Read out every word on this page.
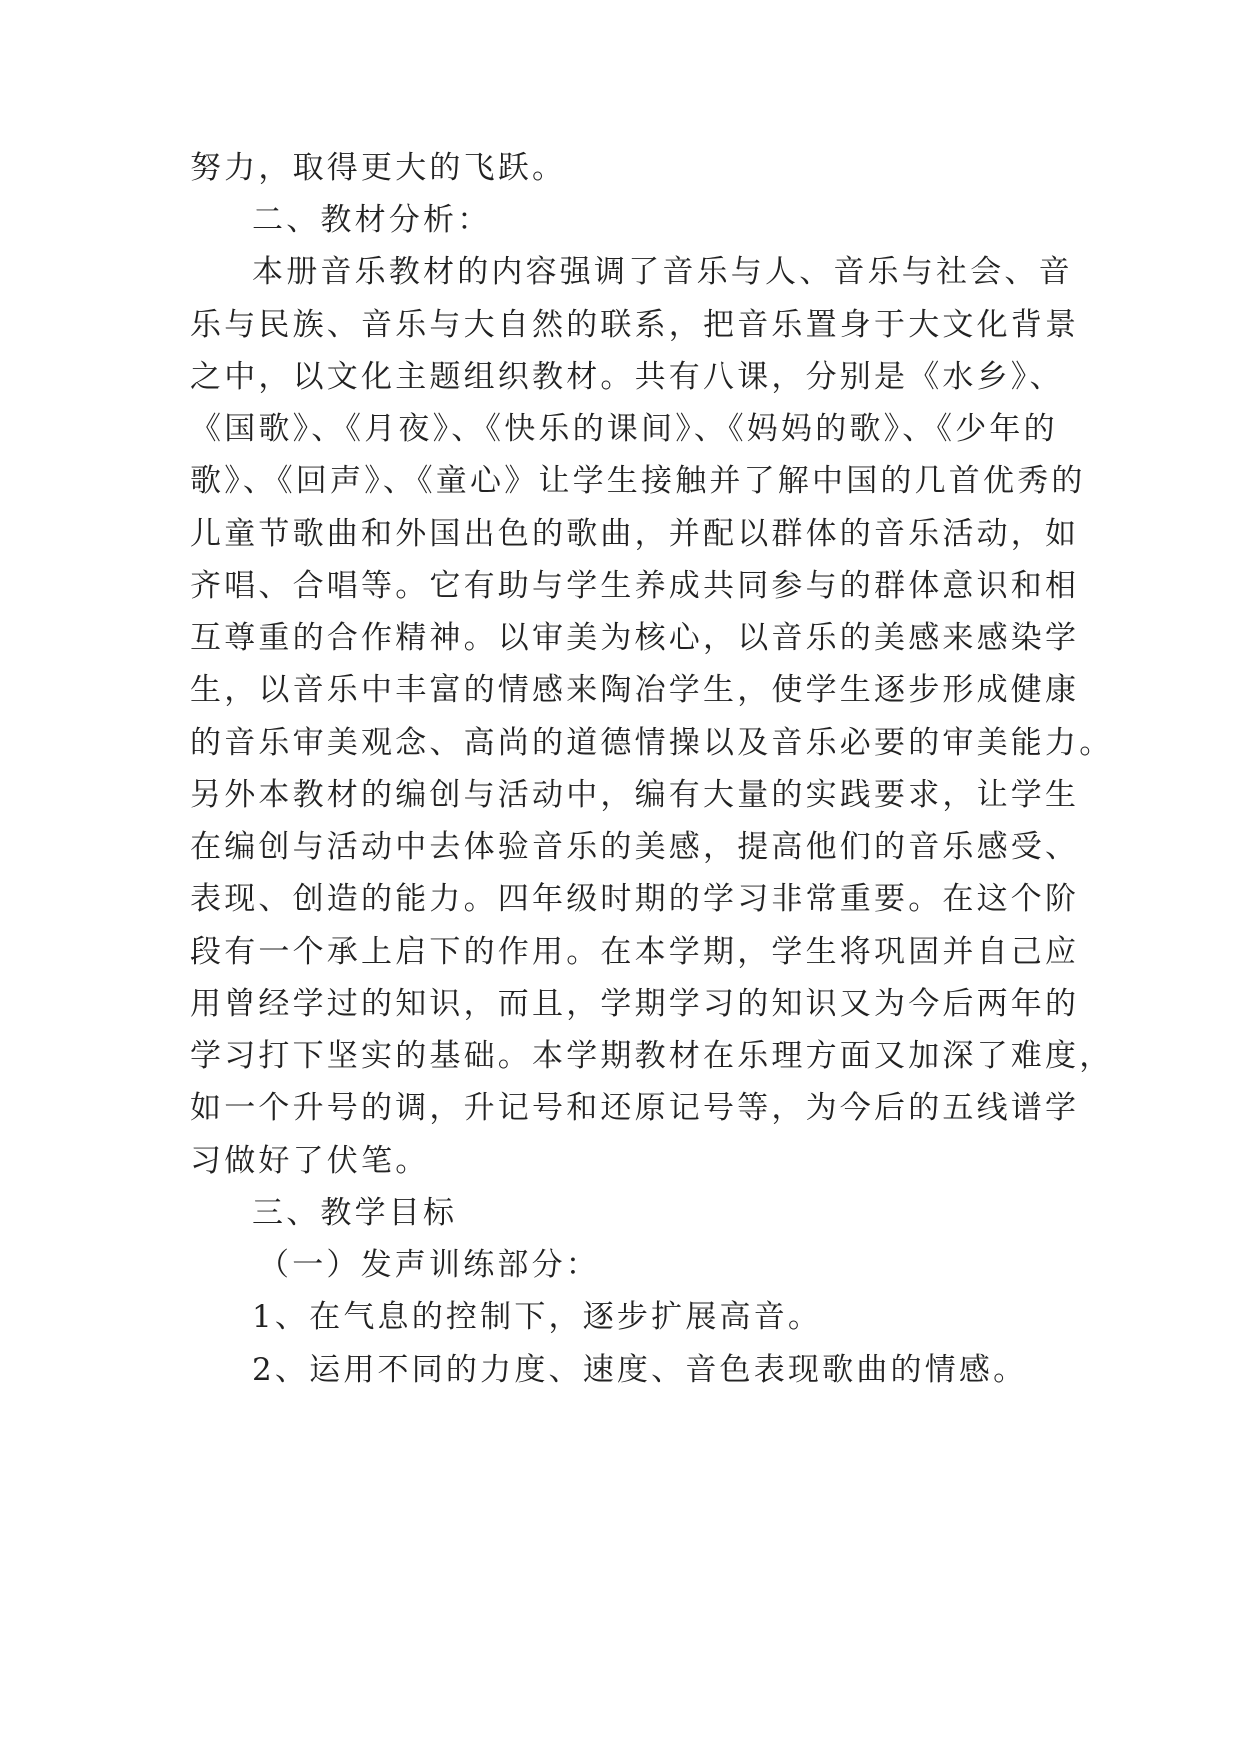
努力，取得更大的飞跃。
二、教材分析：
本册音乐教材的内容强调了音乐与人、音乐与社会、音
乐与民族、音乐与大自然的联系，把音乐置身于大文化背景
之中，以文化主题组织教材。共有八课，分别是《水乡》、
《国歌》、《月夜》、《快乐的课间》、《妈妈的歌》、《少年的
歌》、《回声》、《童心》让学生接触并了解中国的几首优秀的
儿童节歌曲和外国出色的歌曲，并配以群体的音乐活动，如
齐唱、合唱等。它有助与学生养成共同参与的群体意识和相
互尊重的合作精神。以审美为核心，以音乐的美感来感染学
生，以音乐中丰富的情感来陶冶学生，使学生逐步形成健康
的音乐审美观念、高尚的道德情操以及音乐必要的审美能力。
另外本教材的编创与活动中，编有大量的实践要求，让学生
在编创与活动中去体验音乐的美感，提高他们的音乐感受、
表现、创造的能力。四年级时期的学习非常重要。在这个阶
段有一个承上启下的作用。在本学期，学生将巩固并自己应
用曾经学过的知识，而且，学期学习的知识又为今后两年的
学习打下坚实的基础。本学期教材在乐理方面又加深了难度，
如一个升号的调，升记号和还原记号等，为今后的五线谱学
习做好了伏笔。
三、教学目标
（一）发声训练部分：
1、在气息的控制下，逐步扩展高音。
2、运用不同的力度、速度、音色表现歌曲的情感。
